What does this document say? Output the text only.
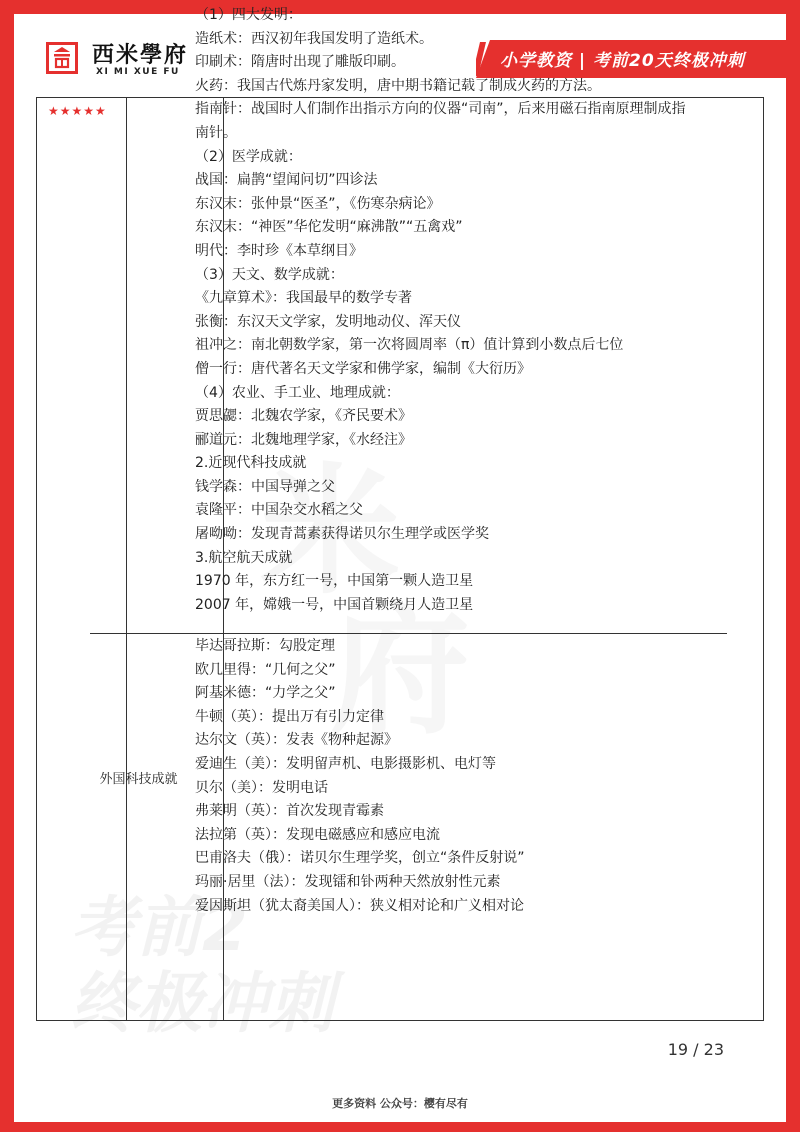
考前2
终极冲刺
西米學府
XI MI XUE FU
小学教资 | 考前20天终极冲刺
★★★★★
外国科技成就
（1）四大发明：
造纸术：西汉初年我国发明了造纸术。
印刷术：隋唐时出现了雕版印刷。
火药：我国古代炼丹家发明，唐中期书籍记载了制成火药的方法。
指南针：战国时人们制作出指示方向的仪器“司南”，后来用磁石指南原理制成指
南针。
（2）医学成就：
战国：扁鹊“望闻问切”四诊法
东汉末：张仲景“医圣”，《伤寒杂病论》
东汉末：“神医”华佗发明“麻沸散”“五禽戏”
明代：李时珍《本草纲目》
（3）天文、数学成就：
《九章算术》：我国最早的数学专著
张衡：东汉天文学家，发明地动仪、浑天仪
祖冲之：南北朝数学家，第一次将圆周率（π）值计算到小数点后七位
僧一行：唐代著名天文学家和佛学家，编制《大衍历》
（4）农业、手工业、地理成就：
贾思勰：北魏农学家，《齐民要术》
郦道元：北魏地理学家，《水经注》
2.近现代科技成就
钱学森：中国导弹之父
袁隆平：中国杂交水稻之父
屠呦呦：发现青蒿素获得诺贝尔生理学或医学奖
3.航空航天成就
1970 年，东方红一号，中国第一颗人造卫星
2007 年，嫦娥一号，中国首颗绕月人造卫星
毕达哥拉斯：勾股定理
欧几里得：“几何之父”
阿基米德：“力学之父”
牛顿（英）：提出万有引力定律
达尔文（英）：发表《物种起源》
爱迪生（美）：发明留声机、电影摄影机、电灯等
贝尔（美）：发明电话
弗莱明（英）：首次发现青霉素
法拉第（英）：发现电磁感应和感应电流
巴甫洛夫（俄）：诺贝尔生理学奖，创立“条件反射说”
玛丽·居里（法）：发现镭和钋两种天然放射性元素
爱因斯坦（犹太裔美国人）：狭义相对论和广义相对论
19 / 23
更多资料 公众号：樱有尽有
